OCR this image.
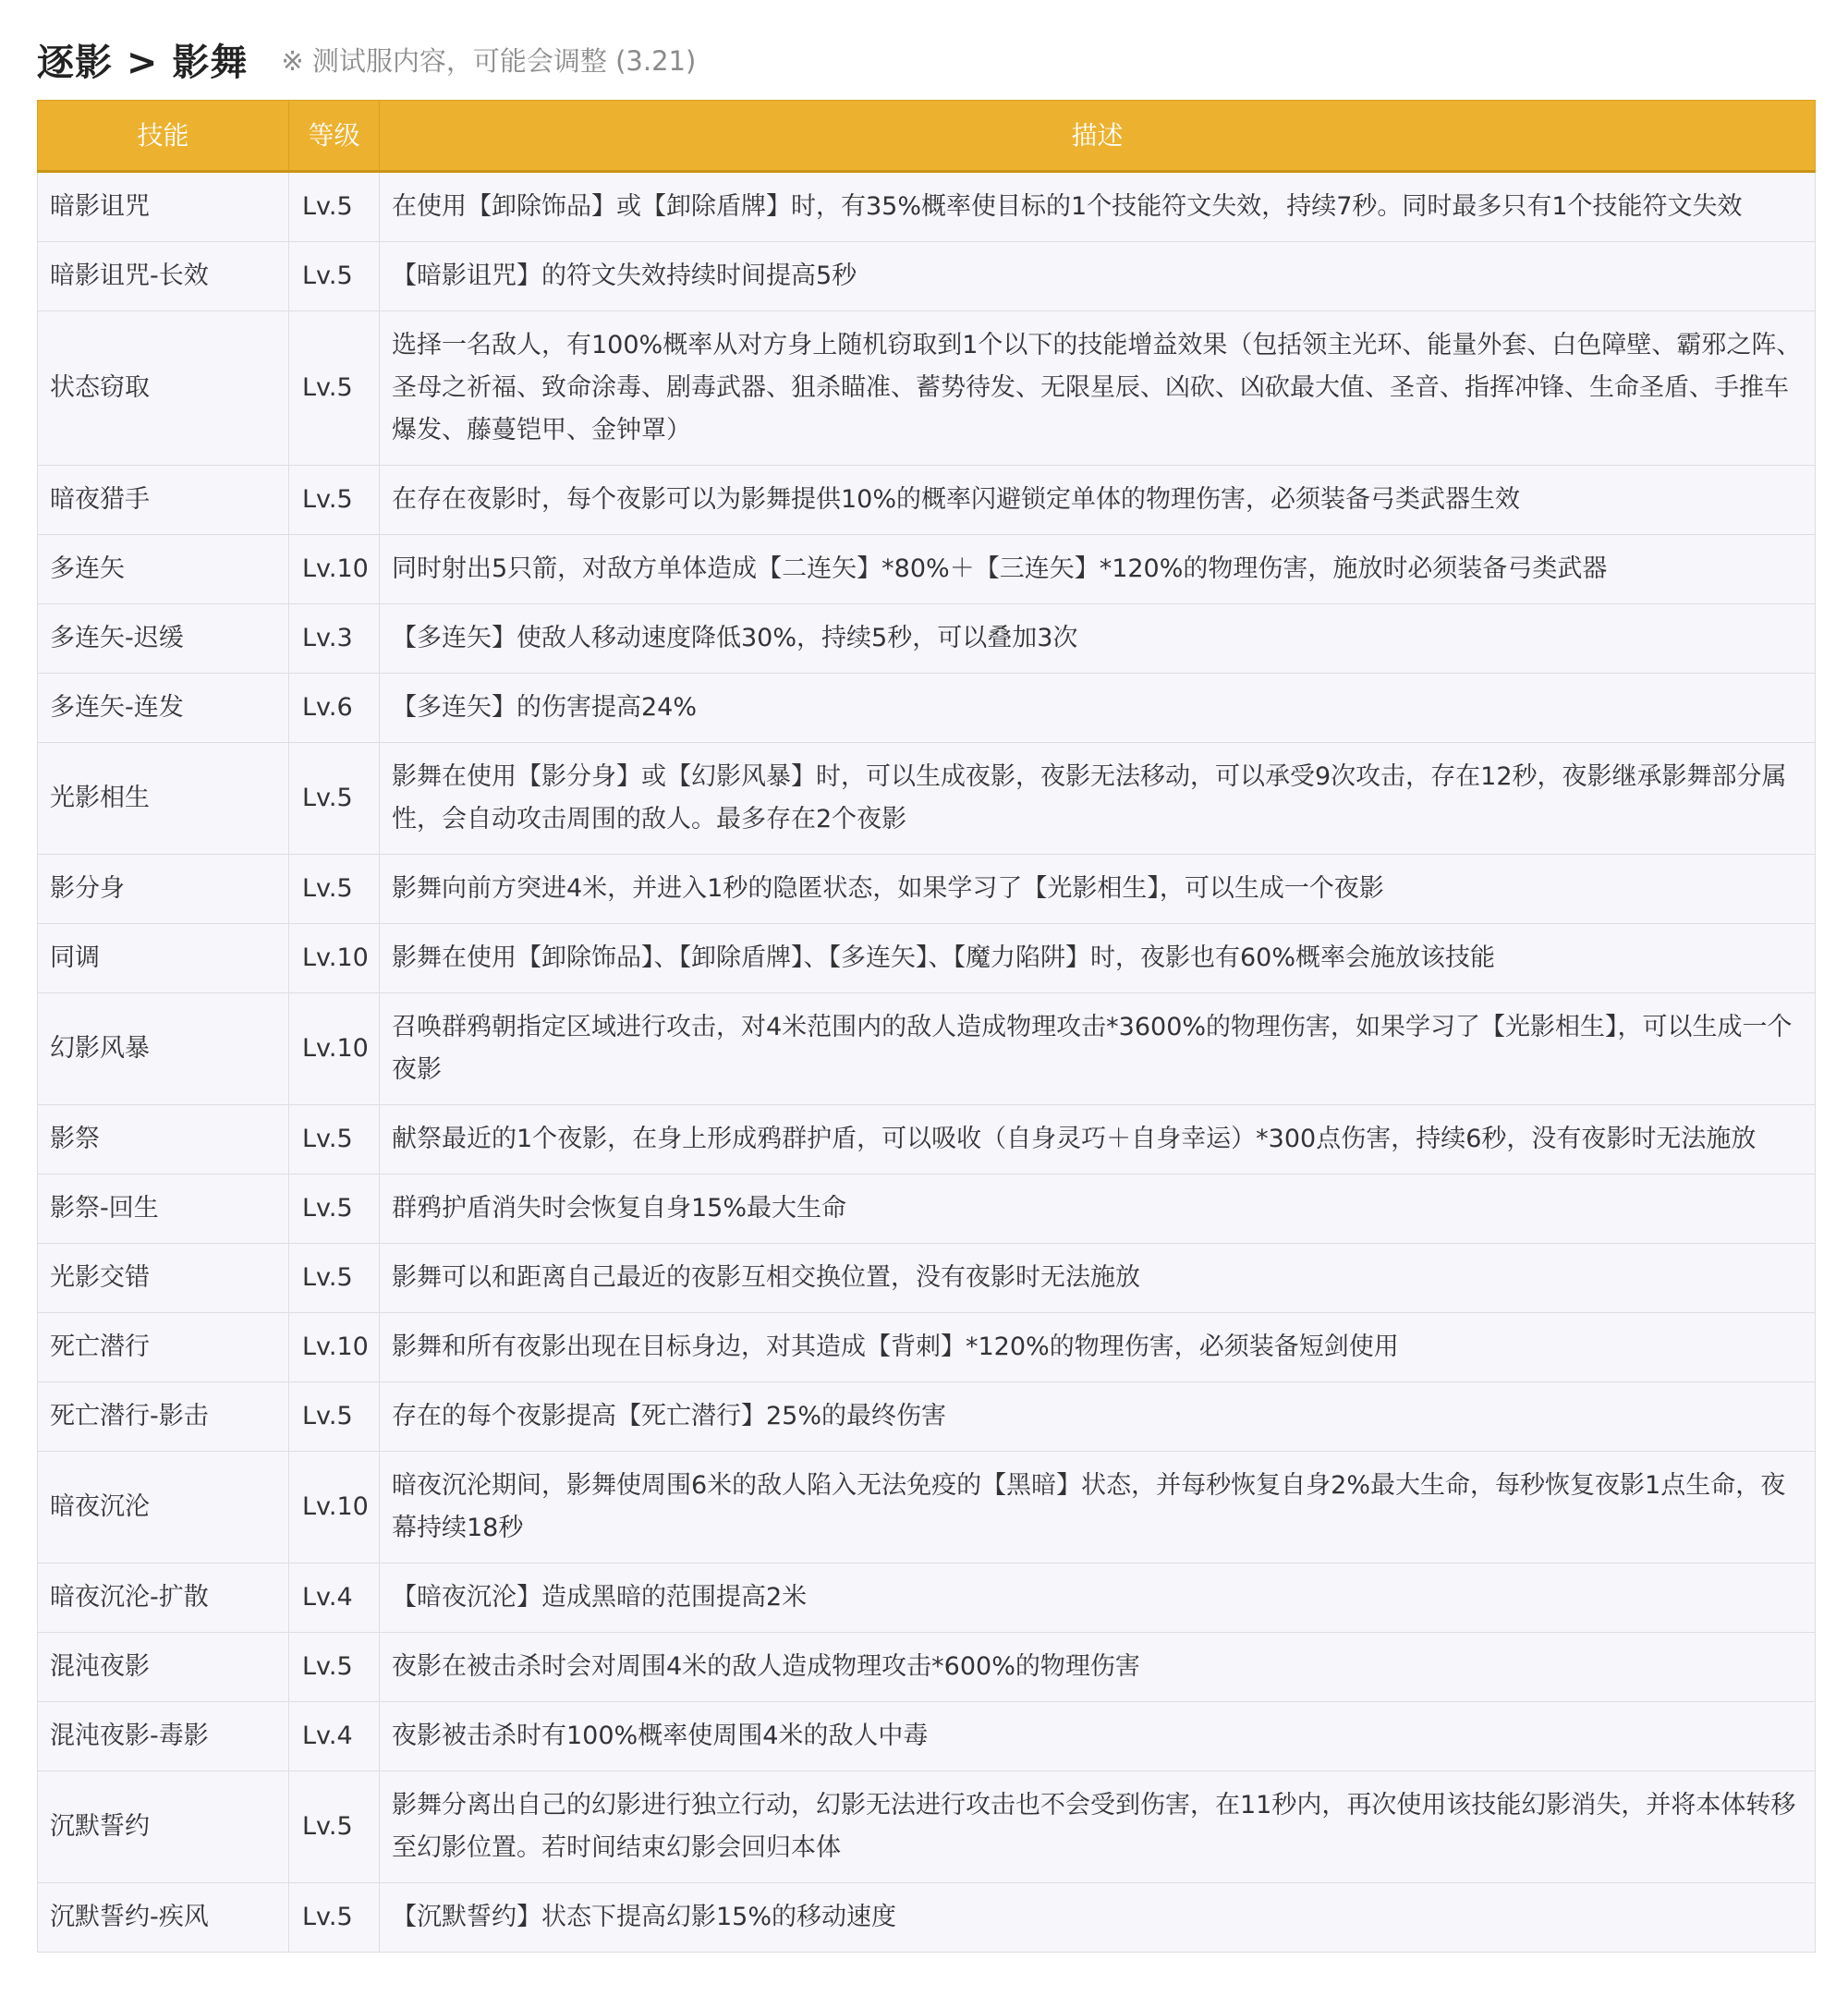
逐影 > 影舞 ※ 测试服内容，可能会调整 (3.21)
技能	等级	描述
暗影诅咒	Lv.5	在使用【卸除饰品】或【卸除盾牌】时，有35%概率使目标的1个技能符文失效，持续7秒。同时最多只有1个技能符文失效
暗影诅咒-长效	Lv.5	【暗影诅咒】的符文失效持续时间提高5秒
状态窃取	Lv.5	选择一名敌人，有100%概率从对方身上随机窃取到1个以下的技能增益效果（包括领主光环、能量外套、白色障壁、霸邪之阵、圣母之祈福、致命涂毒、剧毒武器、狙杀瞄准、蓄势待发、无限星辰、凶砍、凶砍最大值、圣音、指挥冲锋、生命圣盾、手推车爆发、藤蔓铠甲、金钟罩）
暗夜猎手	Lv.5	在存在夜影时，每个夜影可以为影舞提供10%的概率闪避锁定单体的物理伤害，必须装备弓类武器生效
多连矢	Lv.10	同时射出5只箭，对敌方单体造成【二连矢】*80%＋【三连矢】*120%的物理伤害，施放时必须装备弓类武器
多连矢-迟缓	Lv.3	【多连矢】使敌人移动速度降低30%，持续5秒，可以叠加3次
多连矢-连发	Lv.6	【多连矢】的伤害提高24%
光影相生	Lv.5	影舞在使用【影分身】或【幻影风暴】时，可以生成夜影，夜影无法移动，可以承受9次攻击，存在12秒，夜影继承影舞部分属性，会自动攻击周围的敌人。最多存在2个夜影
影分身	Lv.5	影舞向前方突进4米，并进入1秒的隐匿状态，如果学习了【光影相生】，可以生成一个夜影
同调	Lv.10	影舞在使用【卸除饰品】、【卸除盾牌】、【多连矢】、【魔力陷阱】时，夜影也有60%概率会施放该技能
幻影风暴	Lv.10	召唤群鸦朝指定区域进行攻击，对4米范围内的敌人造成物理攻击*3600%的物理伤害，如果学习了【光影相生】，可以生成一个夜影
影祭	Lv.5	献祭最近的1个夜影，在身上形成鸦群护盾，可以吸收（自身灵巧＋自身幸运）*300点伤害，持续6秒，没有夜影时无法施放
影祭-回生	Lv.5	群鸦护盾消失时会恢复自身15%最大生命
光影交错	Lv.5	影舞可以和距离自己最近的夜影互相交换位置，没有夜影时无法施放
死亡潜行	Lv.10	影舞和所有夜影出现在目标身边，对其造成【背刺】*120%的物理伤害，必须装备短剑使用
死亡潜行-影击	Lv.5	存在的每个夜影提高【死亡潜行】25%的最终伤害
暗夜沉沦	Lv.10	暗夜沉沦期间，影舞使周围6米的敌人陷入无法免疫的【黑暗】状态，并每秒恢复自身2%最大生命，每秒恢复夜影1点生命，夜幕持续18秒
暗夜沉沦-扩散	Lv.4	【暗夜沉沦】造成黑暗的范围提高2米
混沌夜影	Lv.5	夜影在被击杀时会对周围4米的敌人造成物理攻击*600%的物理伤害
混沌夜影-毒影	Lv.4	夜影被击杀时有100%概率使周围4米的敌人中毒
沉默誓约	Lv.5	影舞分离出自己的幻影进行独立行动，幻影无法进行攻击也不会受到伤害，在11秒内，再次使用该技能幻影消失，并将本体转移至幻影位置。若时间结束幻影会回归本体
沉默誓约-疾风	Lv.5	【沉默誓约】状态下提高幻影15%的移动速度
